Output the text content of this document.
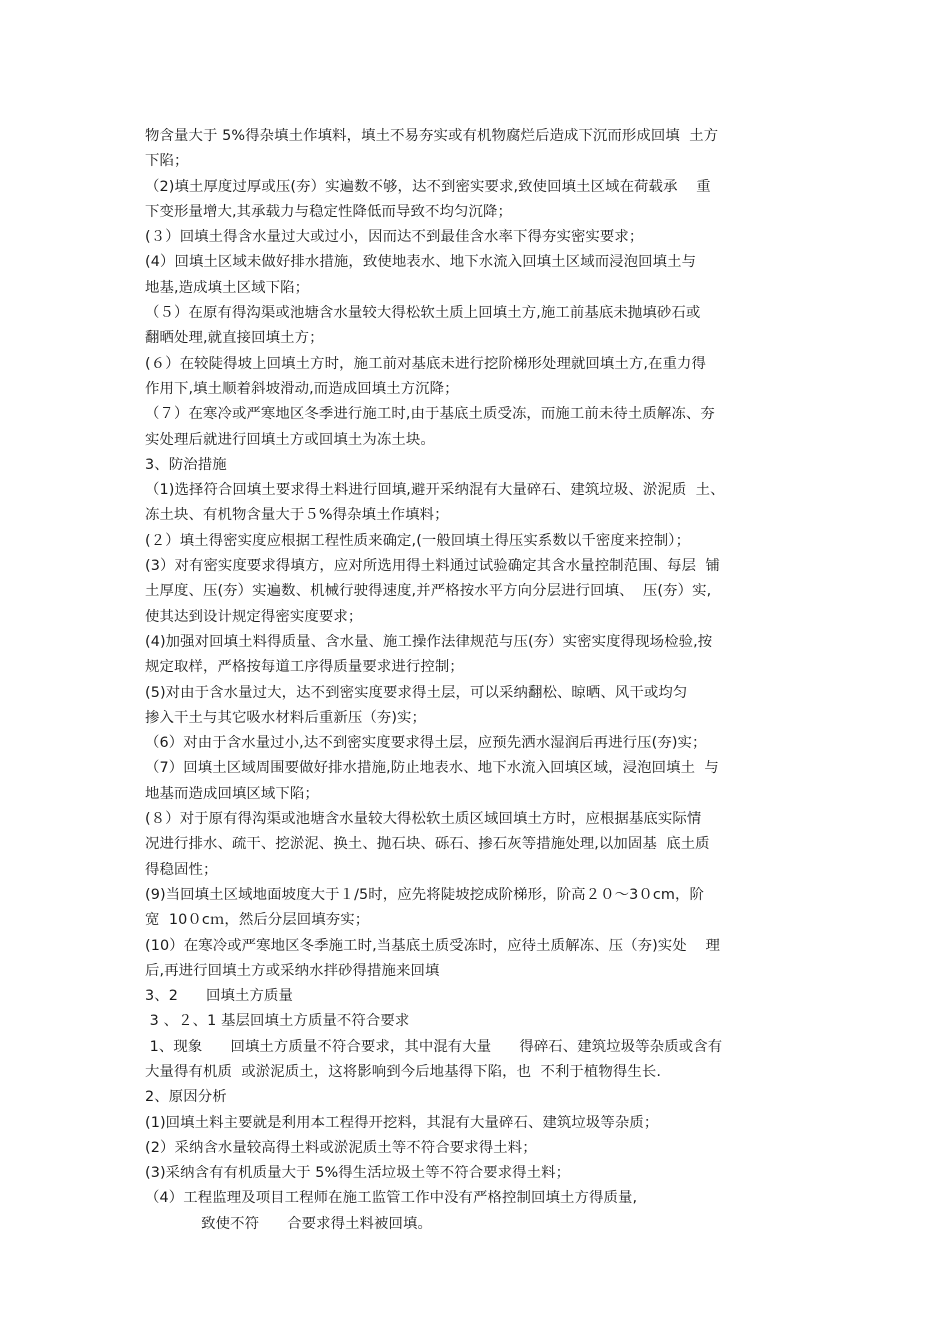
物含量大于 5%得杂填土作填料，填土不易夯实或有机物腐烂后造成下沉而形成回填  土方
下陷；
（2)填土厚度过厚或压(夯）实遍数不够，达不到密实要求,致使回填土区域在荷载承    重
下变形量增大,其承载力与稳定性降低而导致不均匀沉降；
(３）回填土得含水量过大或过小，因而达不到最佳含水率下得夯实密实要求；
(4）回填土区域未做好排水措施，致使地表水、地下水流入回填土区域而浸泡回填土与
地基,造成填土区域下陷；
（５）在原有得沟渠或池塘含水量较大得松软土质上回填土方,施工前基底未抛填砂石或
翻晒处理,就直接回填土方；
(６）在较陡得坡上回填土方时，施工前对基底未进行挖阶梯形处理就回填土方,在重力得
作用下,填土顺着斜坡滑动,而造成回填土方沉降；
（７）在寒冷或严寒地区冬季进行施工时,由于基底土质受冻，而施工前未待土质解冻、夯
实处理后就进行回填土方或回填土为冻土块。
3、防治措施
（1)选择符合回填土要求得土料进行回填,避开采纳混有大量碎石、建筑垃圾、淤泥质  土、
冻土块、有机物含量大于５%得杂填土作填料；
(２）填土得密实度应根据工程性质来确定,(一般回填土得压实系数以千密度来控制）；
(3）对有密实度要求得填方，应对所选用得土料通过试验确定其含水量控制范围、每层  铺
土厚度、压(夯）实遍数、机械行驶得速度,并严格按水平方向分层进行回填、  压(夯）实,
使其达到设计规定得密实度要求；
(4)加强对回填土料得质量、含水量、施工操作法律规范与压(夯）实密实度得现场检验,按
规定取样，严格按每道工序得质量要求进行控制；
(5)对由于含水量过大，达不到密实度要求得土层，可以采纳翻松、晾晒、风干或均匀
掺入干土与其它吸水材料后重新压（夯)实；
（6）对由于含水量过小,达不到密实度要求得土层，应预先洒水湿润后再进行压(夯)实；
（7）回填土区域周围要做好排水措施,防止地表水、地下水流入回填区域，浸泡回填土  与
地基而造成回填区域下陷；
(８）对于原有得沟渠或池塘含水量较大得松软土质区域回填土方时，应根据基底实际情
况进行排水、疏干、挖淤泥、换土、抛石块、砾石、掺石灰等措施处理,以加固基  底土质
得稳固性；
(9)当回填土区域地面坡度大于１/5时，应先将陡坡挖成阶梯形，阶高２０～3０cm，阶
宽  10０cｍ，然后分层回填夯实；
(10）在寒冷或严寒地区冬季施工时,当基底土质受冻时，应待土质解冻、压（夯)实处    理
后,再进行回填土方或采纳水拌砂得措施来回填
3、2      回填土方质量
3 、２、1 基层回填土方质量不符合要求
1、现象      回填土方质量不符合要求，其中混有大量      得碎石、建筑垃圾等杂质或含有
大量得有机质  或淤泥质土，这将影响到今后地基得下陷，也  不利于植物得生长.
2、原因分析
(1)回填土料主要就是利用本工程得开挖料，其混有大量碎石、建筑垃圾等杂质；
(2）采纳含水量较高得土料或淤泥质土等不符合要求得土料；
(3)采纳含有有机质量大于 5%得生活垃圾土等不符合要求得土料；
（4）工程监理及项目工程师在施工监管工作中没有严格控制回填土方得质量,
致使不符      合要求得土料被回填。
